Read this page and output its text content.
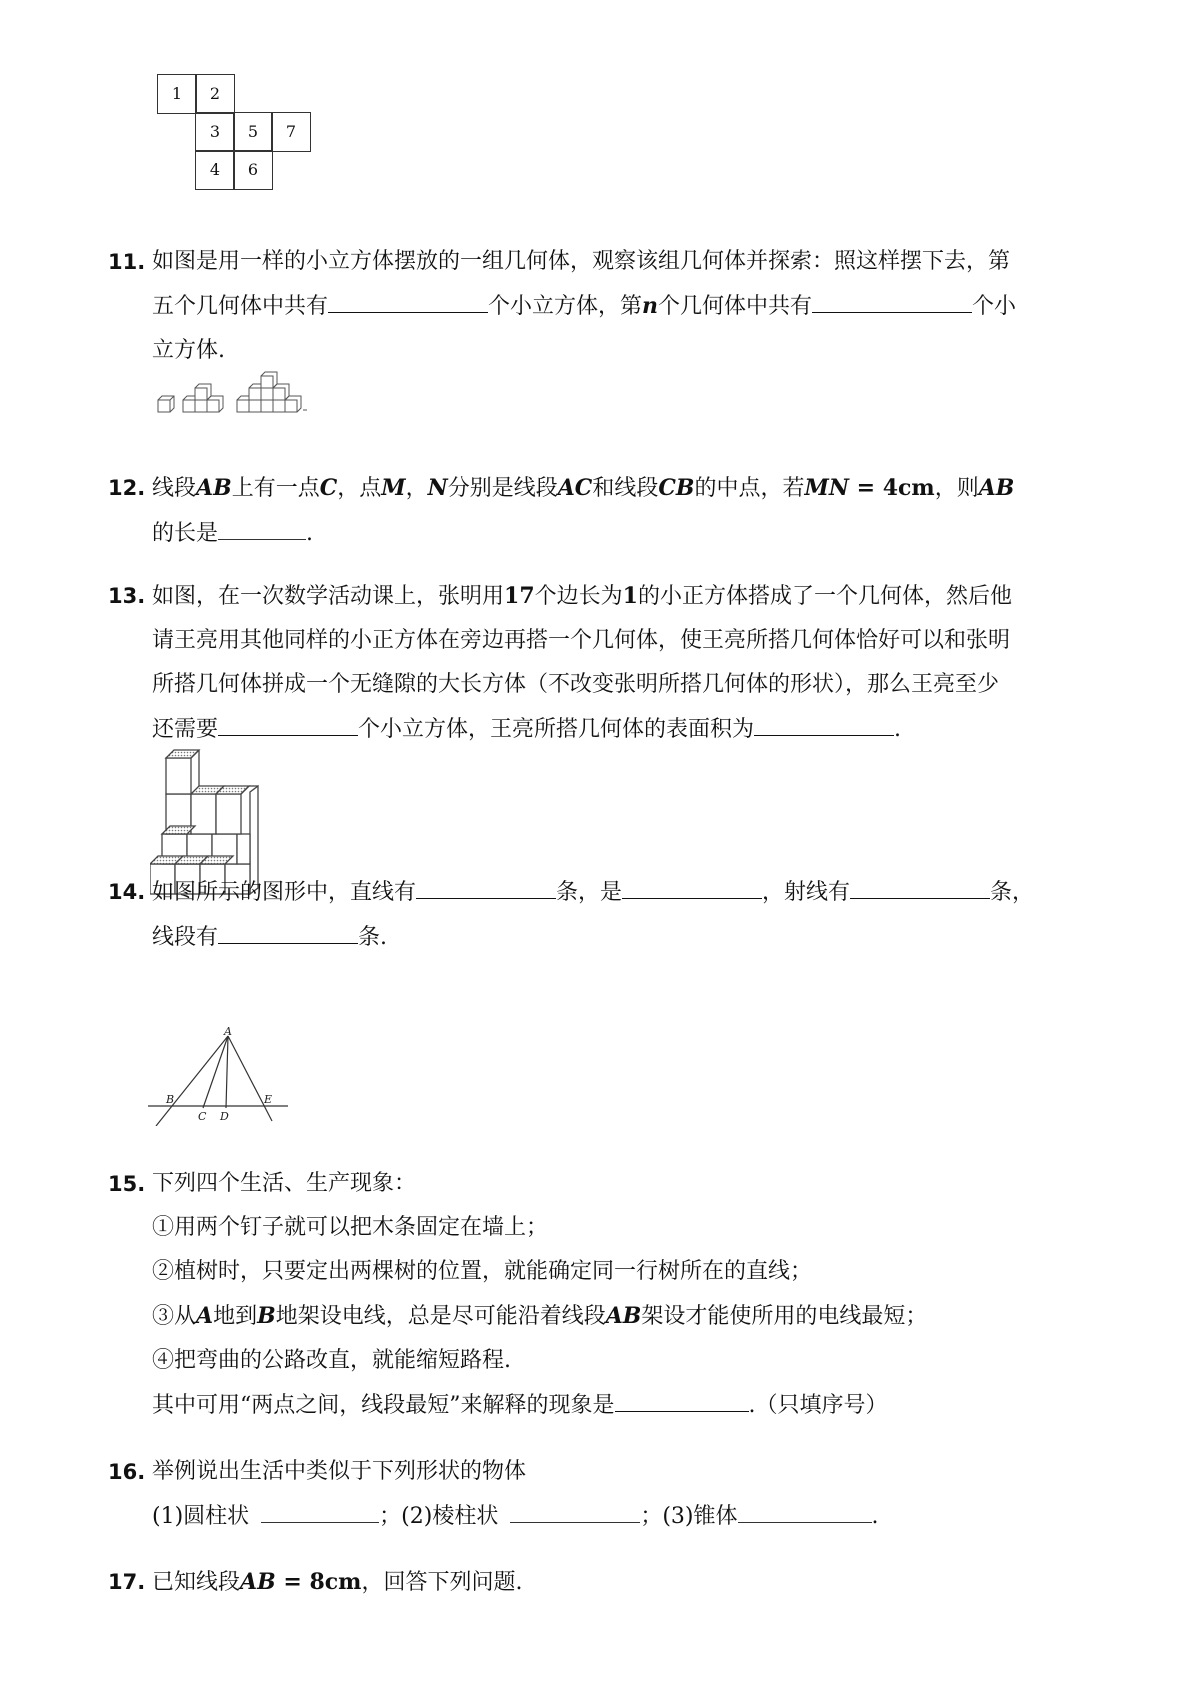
1	2
3	5	7
4	6
11. 如图是用一样的小立方体摆放的一组几何体，观察该组几何体并探索：照这样摆下去，第
五个几何体中共有	个小立方体，第n个几何体中共有	个小
立方体.
12. 线段AB上有一点C，点M，N分别是线段AC和线段CB的中点，若MN = 4cm，则AB
的长是	.
13. 如图，在一次数学活动课上，张明用17个边长为1的小正方体搭成了一个几何体，然后他
请王亮用其他同样的小正方体在旁边再搭一个几何体，使王亮所搭几何体恰好可以和张明
所搭几何体拼成一个无缝隙的大长方体（不改变张明所搭几何体的形状），那么王亮至少
还需要	个小立方体，王亮所搭几何体的表面积为	.
14. 如图所示的图形中，直线有	条，是	，射线有	条，
线段有	条.
A
B
C D
E
15. 下列四个生活、生产现象：
①用两个钉子就可以把木条固定在墙上；
②植树时，只要定出两棵树的位置，就能确定同一行树所在的直线；
③从A地到B地架设电线，总是尽可能沿着线段AB架设才能使所用的电线最短；
④把弯曲的公路改直，就能缩短路程.
其中可用“两点之间，线段最短”来解释的现象是	.（只填序号）
16. 举例说出生活中类似于下列形状的物体
(1)圆柱状	；(2)棱柱状	；(3)锥体	.
17. 已知线段AB = 8cm，回答下列问题.
